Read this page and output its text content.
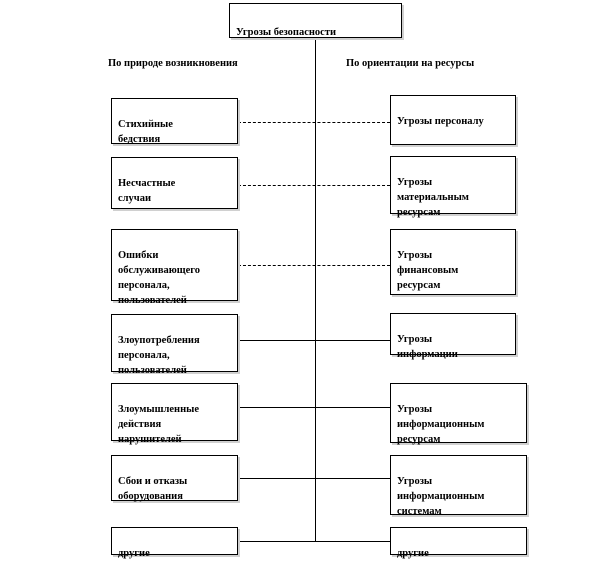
Угрозы безопасности

По природе возникновения	По ориентации на ресурсы

Стихийные
бедствия

Несчастные
случаи

Ошибки
обслуживающего
персонала,
пользователей

Злоупотребления
персонала,
пользователей

Злоумышленные
действия
нарушителей

Сбои и отказы
оборудования

другие

Угрозы персоналу

Угрозы
материальным
ресурсам

Угрозы
финансовым
ресурсам

Угрозы
информации

Угрозы
информационным
ресурсам

Угрозы
информационным
системам

другие
